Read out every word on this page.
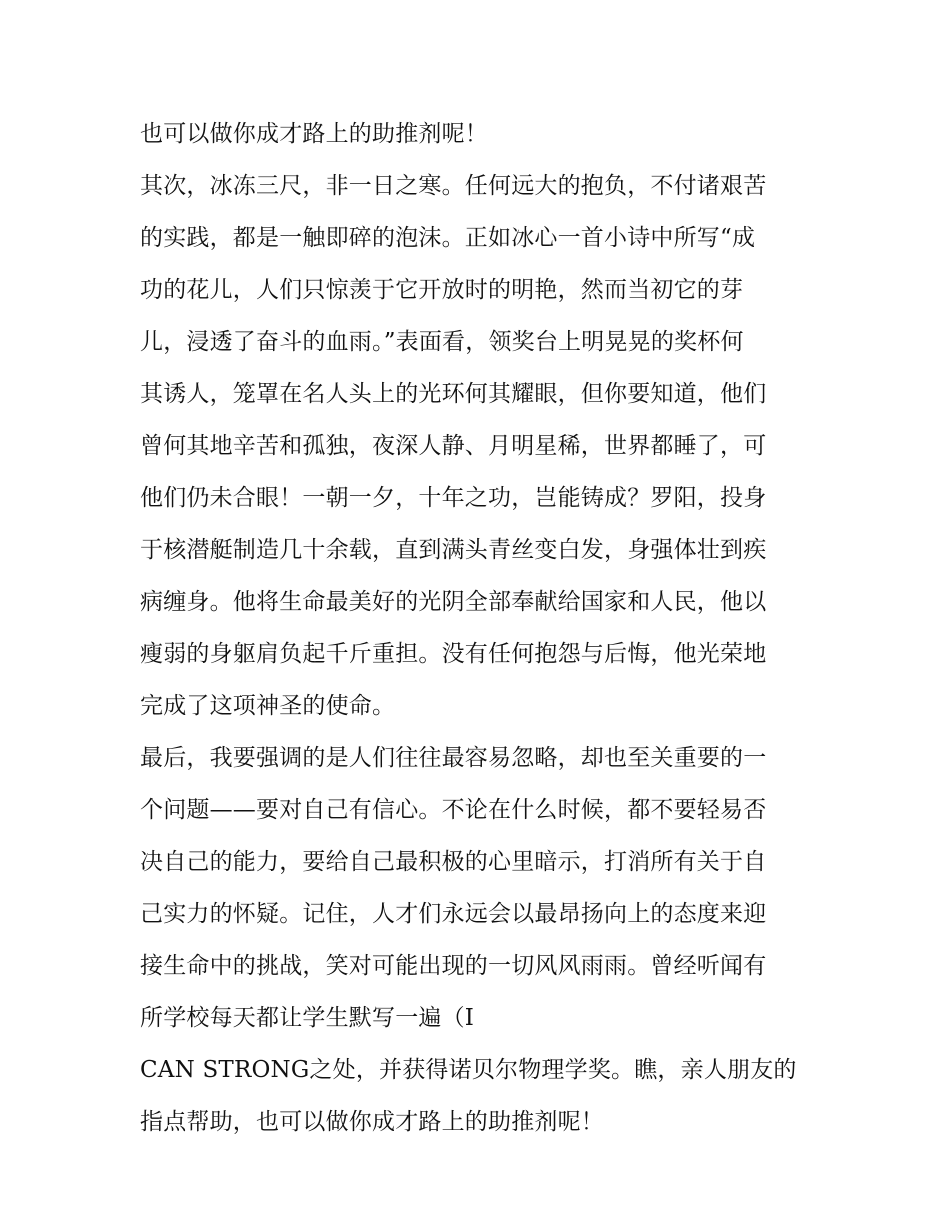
也可以做你成才路上的助推剂呢！
其次，冰冻三尺，非一日之寒。任何远大的抱负，不付诸艰苦
的实践，都是一触即碎的泡沫。正如冰心一首小诗中所写“成
功的花儿，人们只惊羡于它开放时的明艳，然而当初它的芽
儿，浸透了奋斗的血雨。”表面看，领奖台上明晃晃的奖杯何
其诱人，笼罩在名人头上的光环何其耀眼，但你要知道，他们
曾何其地辛苦和孤独，夜深人静、月明星稀，世界都睡了，可
他们仍未合眼！一朝一夕，十年之功，岂能铸成？罗阳，投身
于核潜艇制造几十余载，直到满头青丝变白发，身强体壮到疾
病缠身。他将生命最美好的光阴全部奉献给国家和人民，他以
瘦弱的身躯肩负起千斤重担。没有任何抱怨与后悔，他光荣地
完成了这项神圣的使命。
最后，我要强调的是人们往往最容易忽略，却也至关重要的一
个问题——要对自己有信心。不论在什么时候，都不要轻易否
决自己的能力，要给自己最积极的心里暗示，打消所有关于自
己实力的怀疑。记住，人才们永远会以最昂扬向上的态度来迎
接生命中的挑战，笑对可能出现的一切风风雨雨。曾经听闻有
所学校每天都让学生默写一遍（I
CAN STRONG之处，并获得诺贝尔物理学奖。瞧，亲人朋友的
指点帮助，也可以做你成才路上的助推剂呢！
